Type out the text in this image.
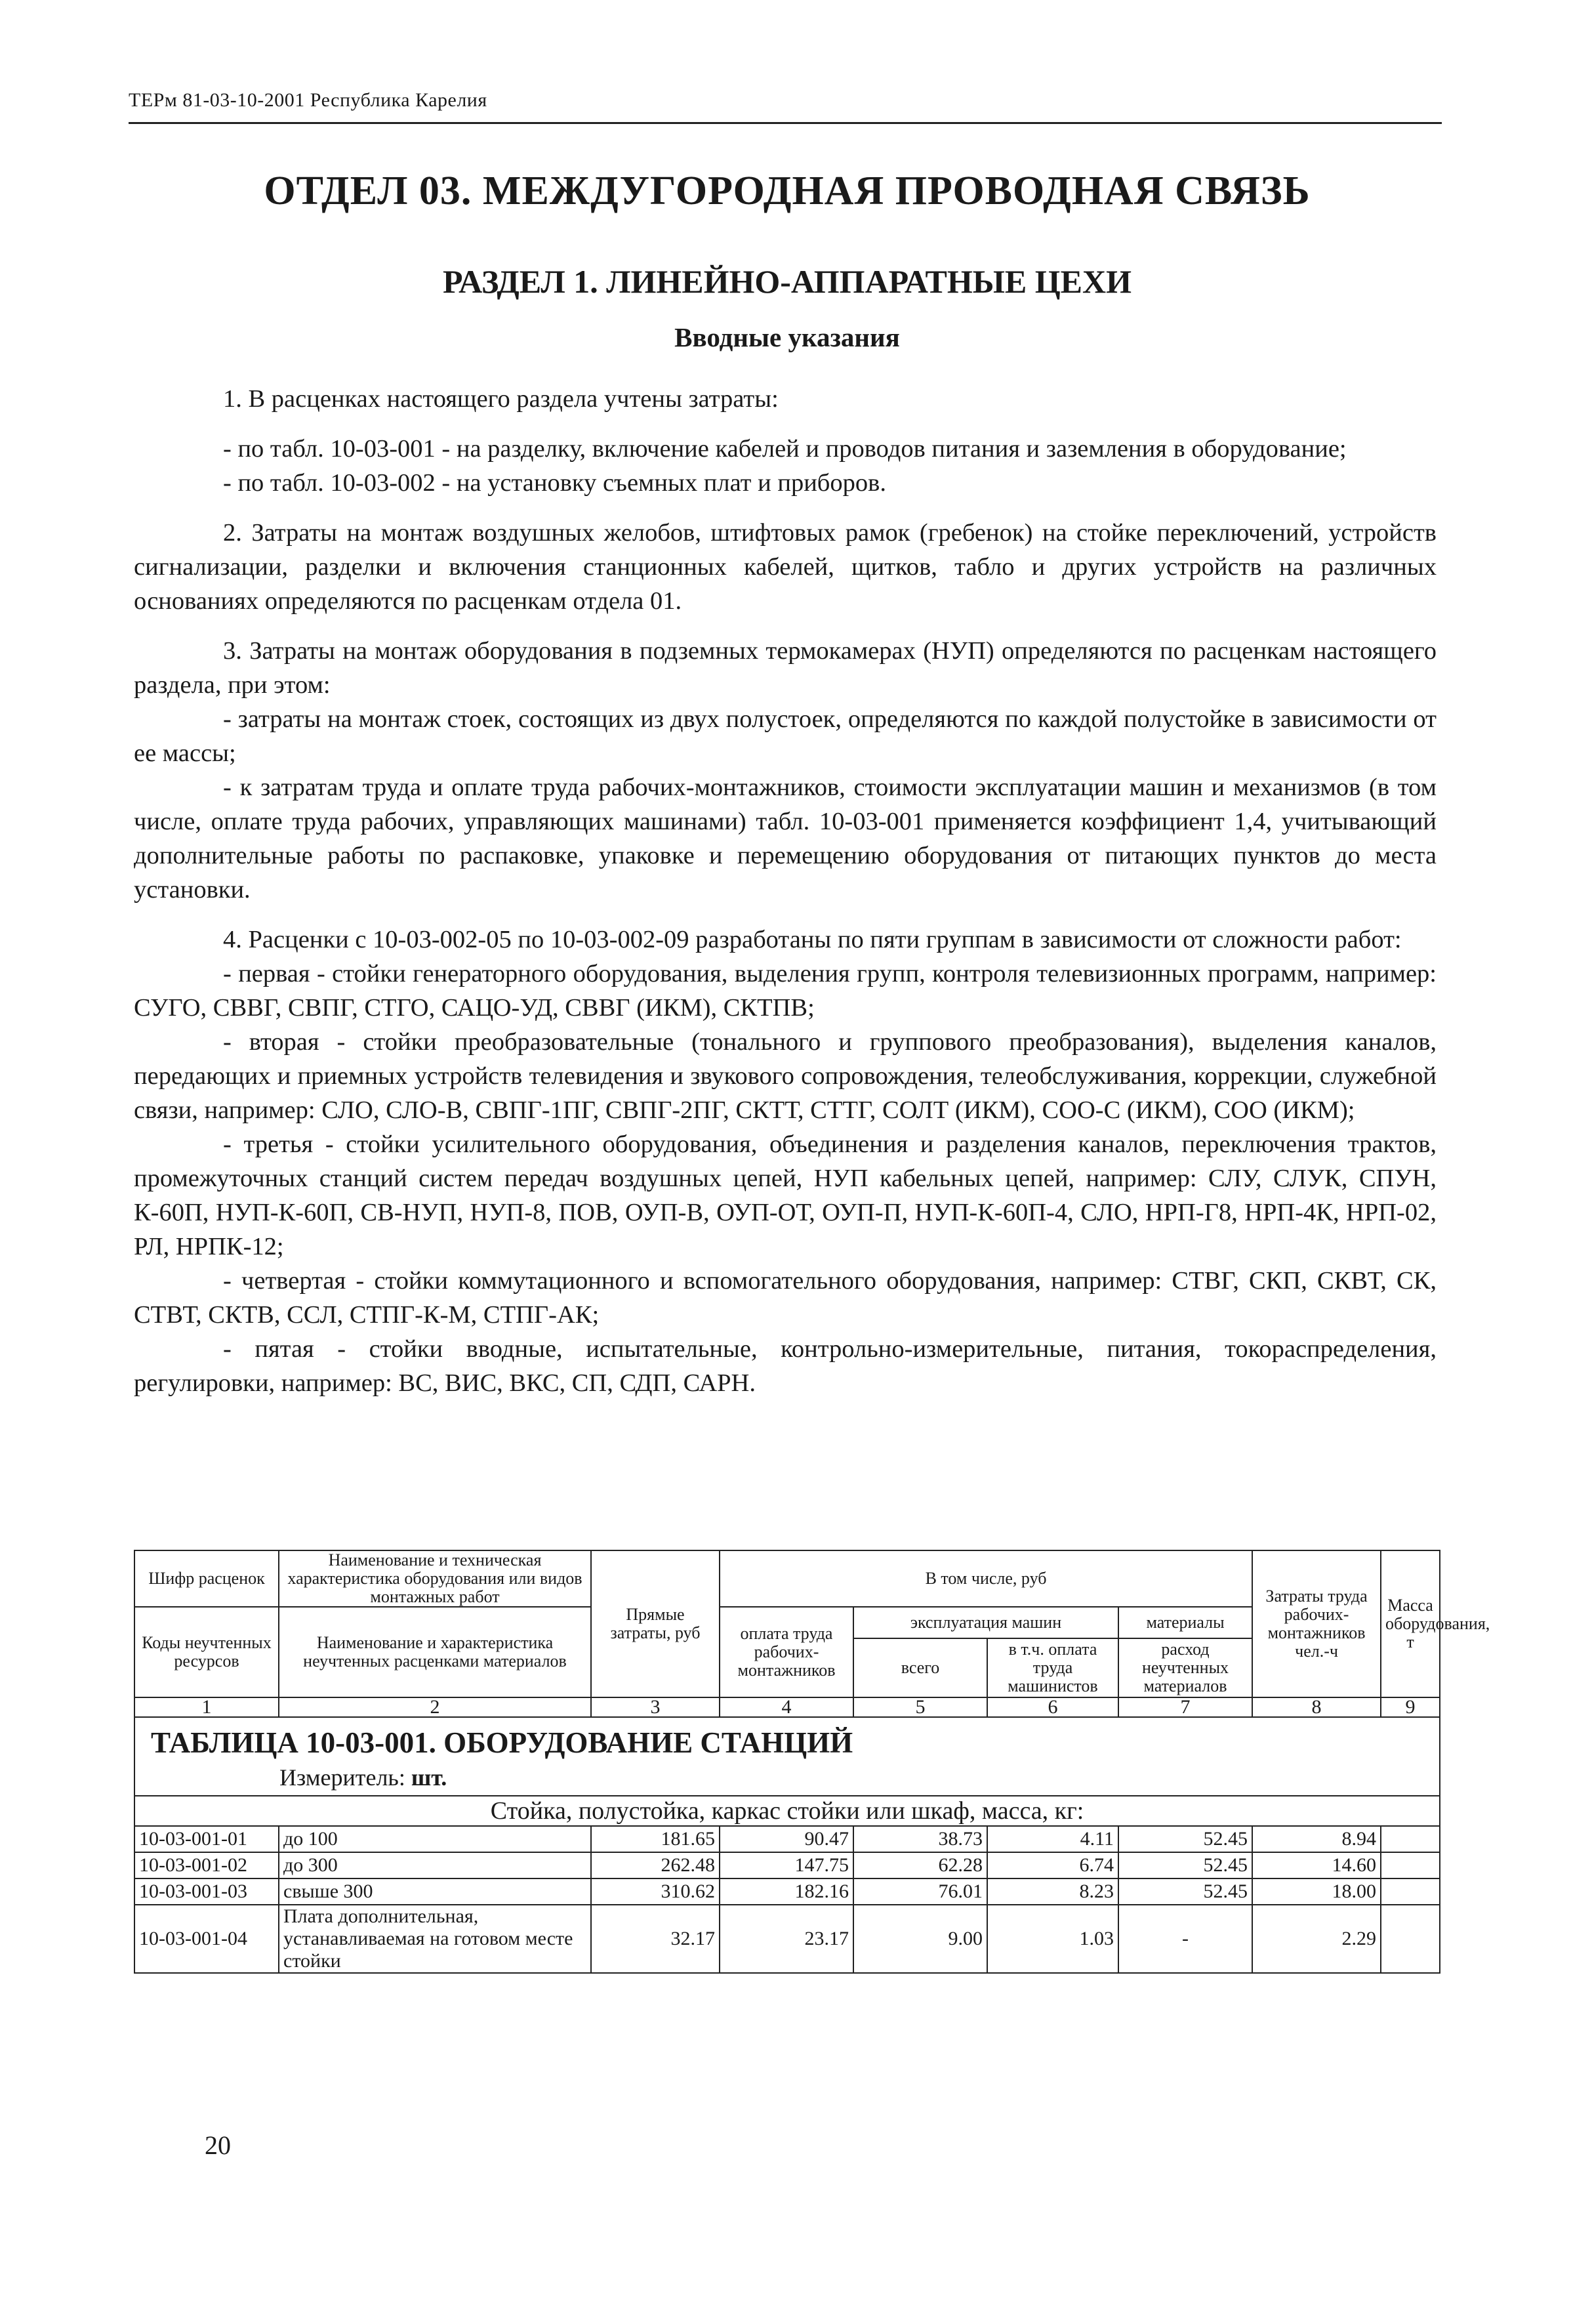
ТЕРм 81-03-10-2001 Республика Карелия
ОТДЕЛ 03. МЕЖДУГОРОДНАЯ ПРОВОДНАЯ СВЯЗЬ
РАЗДЕЛ 1. ЛИНЕЙНО-АППАРАТНЫЕ ЦЕХИ
Вводные указания

1. В расценках настоящего раздела учтены затраты:

- по табл. 10-03-001 - на разделку, включение кабелей и проводов питания и заземления в оборудование;

- по табл. 10-03-002 - на установку съемных плат и приборов.

2. Затраты на монтаж воздушных желобов, штифтовых рамок (гребенок) на стойке переключений, устройств сигнализации, разделки и включения станционных кабелей, щитков, табло и других устройств на различных основаниях определяются по расценкам отдела 01.

3. Затраты на монтаж оборудования в подземных термокамерах (НУП) определяются по расценкам настоящего раздела, при этом:

- затраты на монтаж стоек, состоящих из двух полустоек, определяются по каждой полустойке в зависимости от ее массы;

- к затратам труда и оплате труда рабочих-монтажников, стоимости эксплуатации машин и механизмов (в том числе, оплате труда рабочих, управляющих машинами) табл. 10-03-001 применяется коэффициент 1,4, учитывающий дополнительные работы по распаковке, упаковке и перемещению оборудования от питающих пунктов до места установки.

4. Расценки с 10-03-002-05 по 10-03-002-09 разработаны по пяти группам в зависимости от сложности работ:

- первая - стойки генераторного оборудования, выделения групп, контроля телевизионных программ, например: СУГО, СВВГ, СВПГ, СТГО, САЦО-УД, СВВГ (ИКМ), СКТПВ;

- вторая - стойки преобразовательные (тонального и группового преобразования), выделения каналов, передающих и приемных устройств телевидения и звукового сопровождения, телеобслуживания, коррекции, служебной связи, например: СЛО, СЛО-В, СВПГ-1ПГ, СВПГ-2ПГ, СКТТ, СТТГ, СОЛТ (ИКМ), СОО-С (ИКМ), СОО (ИКМ);

- третья - стойки усилительного оборудования, объединения и разделения каналов, переключения трактов, промежуточных станций систем передач воздушных цепей, НУП кабельных цепей, например: СЛУ, СЛУК, СПУН, К-60П, НУП-К-60П, СВ-НУП, НУП-8, ПОВ, ОУП-В, ОУП-ОТ, ОУП-П, НУП-К-60П-4, СЛО, НРП-Г8, НРП-4К, НРП-02, РЛ, НРПК-12;

- четвертая - стойки коммутационного и вспомогательного оборудования, например: СТВГ, СКП, СКВТ, СК, СТВТ, СКТВ, ССЛ, СТПГ-К-М, СТПГ-АК;

- пятая - стойки вводные, испытательные, контрольно-измерительные, питания, токораспределения, регулировки, например: ВС, ВИС, ВКС, СП, СДП, САРН.

Шифр расценок	Наименование и техническая характеристика оборудования или видов монтажных работ	Прямые затраты, руб	В том числе, руб				Затраты труда рабочих-монтажников чел.-ч	Масса оборудования, т
Коды неучтенных ресурсов	Наименование и характеристика неучтенных расценками материалов		оплата труда рабочих-монтажников	эксплуатация машин		материалы		
				всего	в т.ч. оплата труда машинистов	расход неучтенных материалов		
1	2	3	4	5	6	7	8	9

ТАБЛИЦА 10-03-001. ОБОРУДОВАНИЕ СТАНЦИЙ
Измеритель: шт.								

Стойка, полустойка, каркас стойки или шкаф, масса, кг:								
10-03-001-01	до 100	181.65	90.47	38.73	4.11	52.45	8.94	
10-03-001-02	до 300	262.48	147.75	62.28	6.74	52.45	14.60	
10-03-001-03	свыше 300	310.62	182.16	76.01	8.23	52.45	18.00	
10-03-001-04	Плата дополнительная, устанавливаемая на готовом месте стойки	32.17	23.17	9.00	1.03	-	2.29	
20
